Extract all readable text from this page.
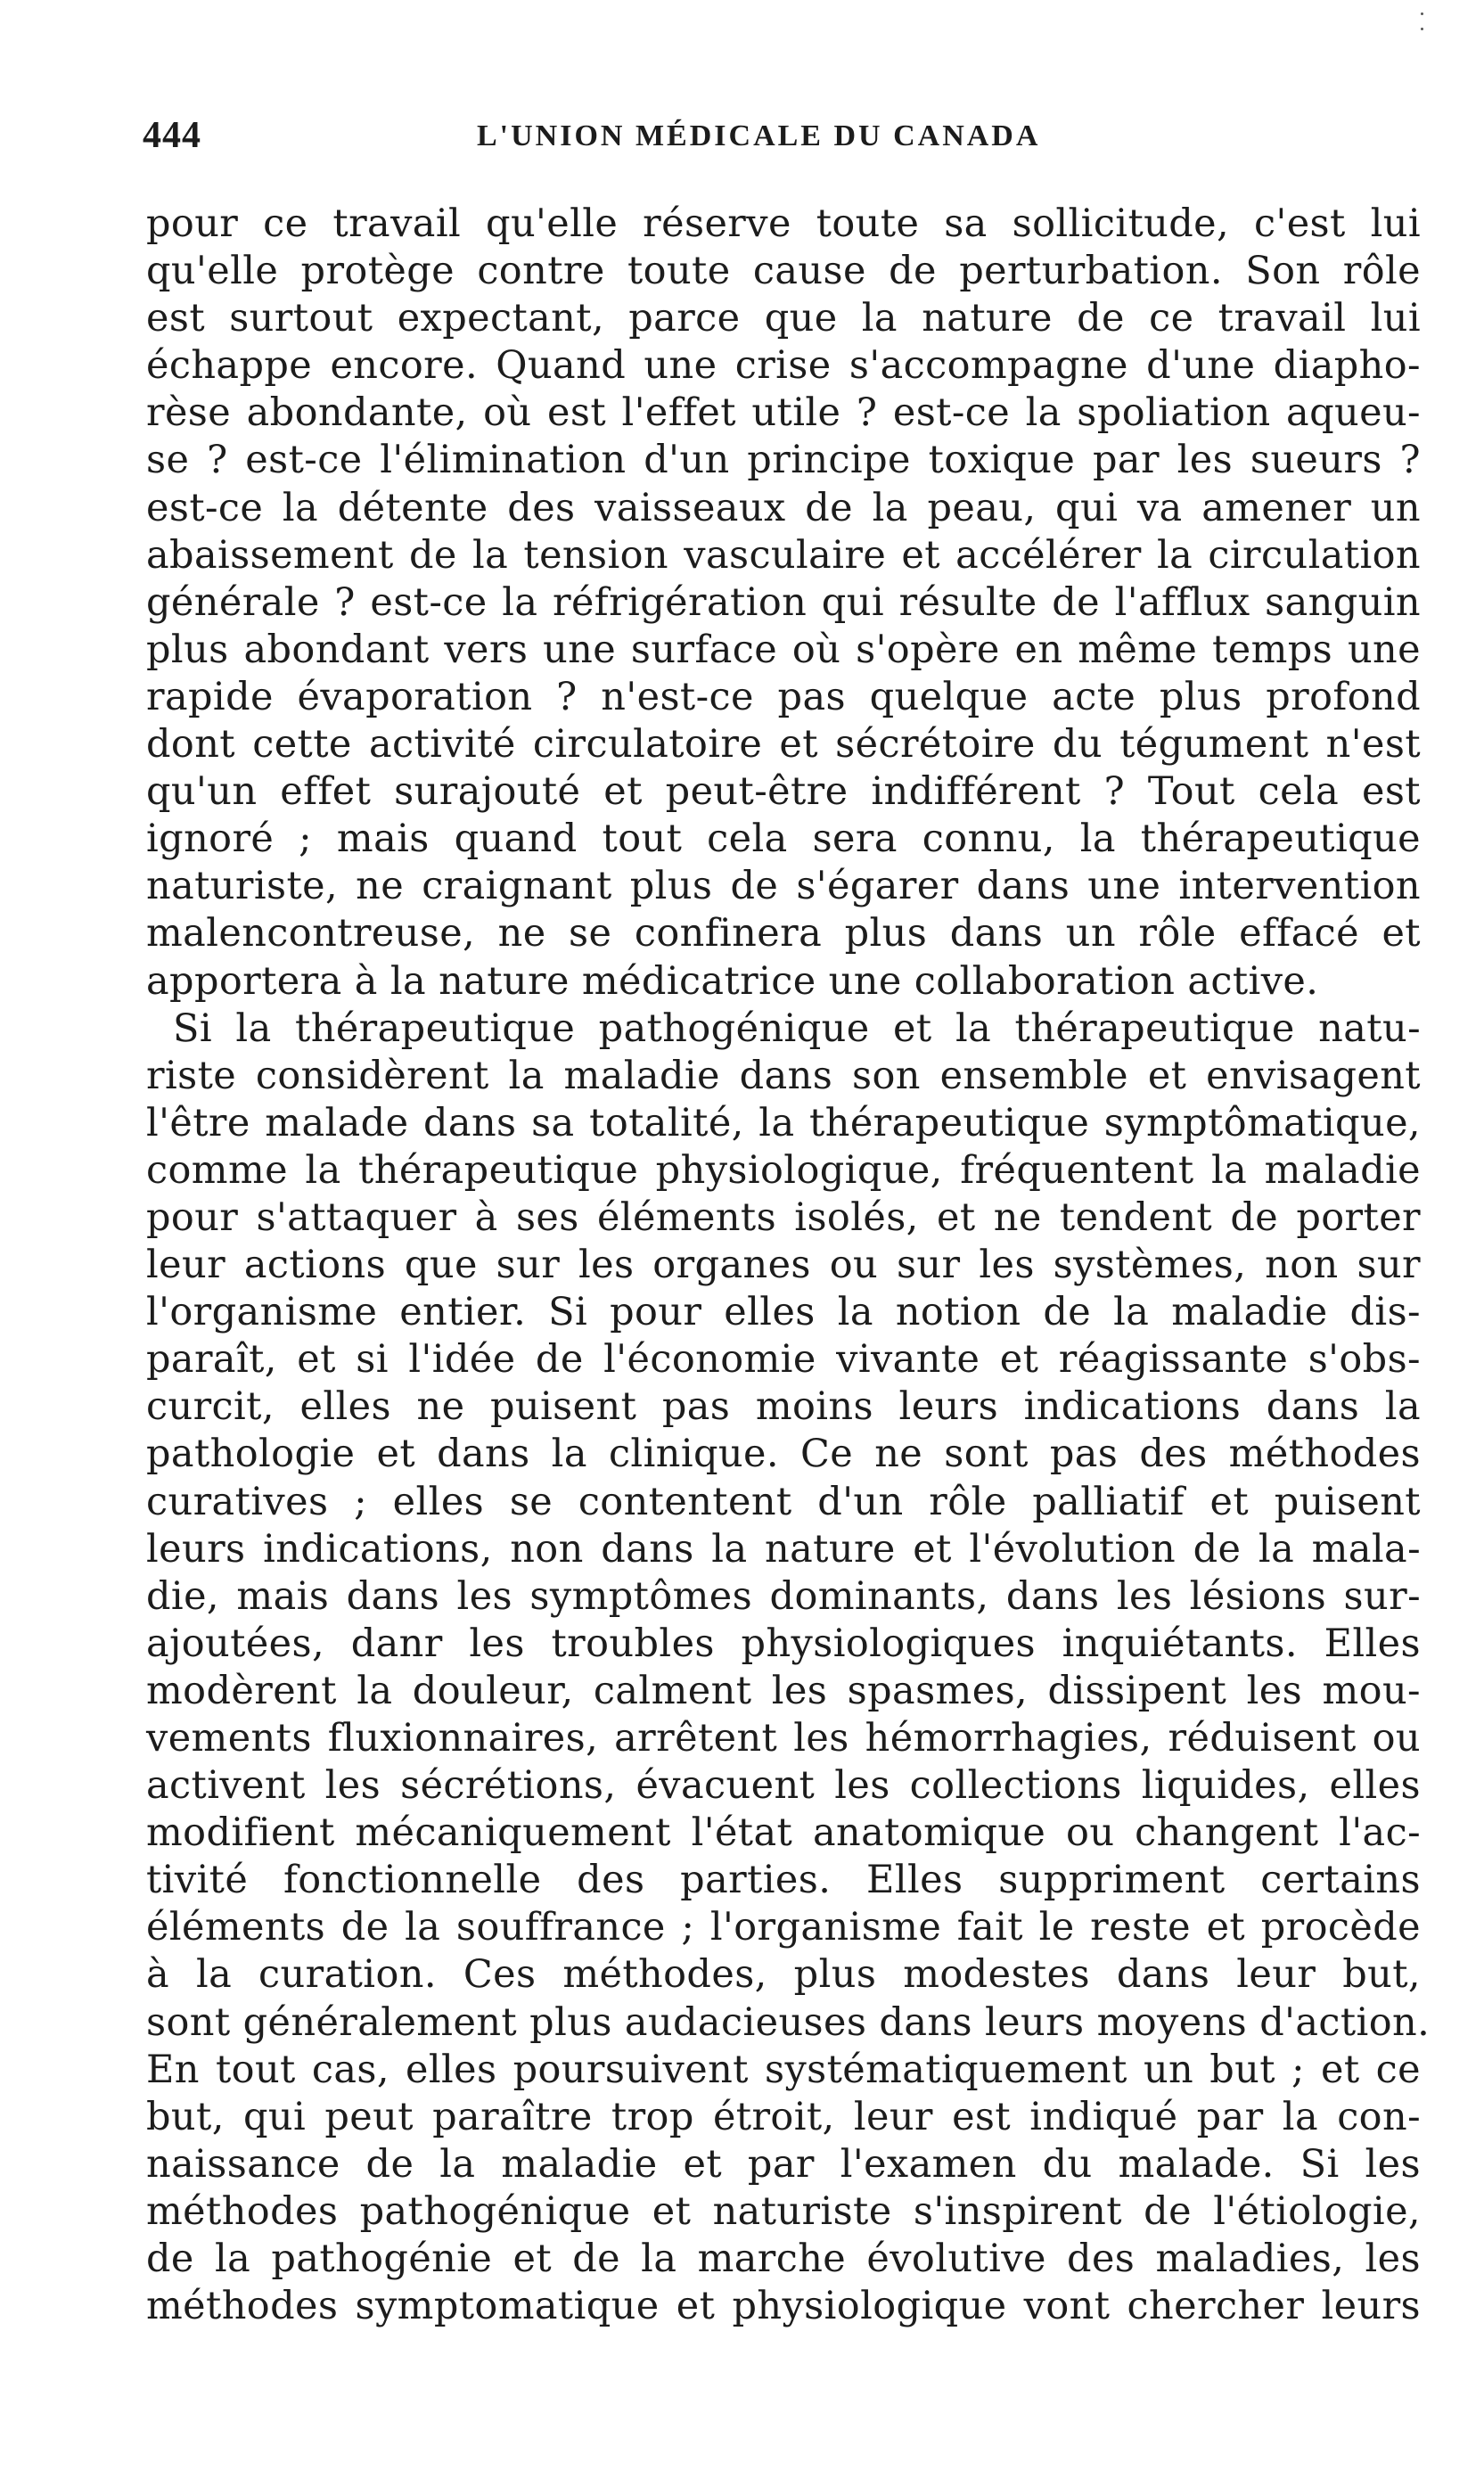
444	L'UNION MÉDICALE DU CANADA
pour ce travail qu'elle réserve toute sa sollicitude, c'est lui
qu'elle protège contre toute cause de perturbation. Son rôle
est surtout expectant, parce que la nature de ce travail lui
échappe encore. Quand une crise s'accompagne d'une diapho-
rèse abondante, où est l'effet utile ? est-ce la spoliation aqueu-
se ? est-ce l'élimination d'un principe toxique par les sueurs ?
est-ce la détente des vaisseaux de la peau, qui va amener un
abaissement de la tension vasculaire et accélérer la circulation
générale ? est-ce la réfrigération qui résulte de l'afflux sanguin
plus abondant vers une surface où s'opère en même temps une
rapide évaporation ? n'est-ce pas quelque acte plus profond
dont cette activité circulatoire et sécrétoire du tégument n'est
qu'un effet surajouté et peut-être indifférent ? Tout cela est
ignoré ; mais quand tout cela sera connu, la thérapeutique
naturiste, ne craignant plus de s'égarer dans une intervention
malencontreuse, ne se confinera plus dans un rôle effacé et
apportera à la nature médicatrice une collaboration active.
Si la thérapeutique pathogénique et la thérapeutique natu-
riste considèrent la maladie dans son ensemble et envisagent
l'être malade dans sa totalité, la thérapeutique symptômatique,
comme la thérapeutique physiologique, fréquentent la maladie
pour s'attaquer à ses éléments isolés, et ne tendent de porter
leur actions que sur les organes ou sur les systèmes, non sur
l'organisme entier. Si pour elles la notion de la maladie dis-
paraît, et si l'idée de l'économie vivante et réagissante s'obs-
curcit, elles ne puisent pas moins leurs indications dans la
pathologie et dans la clinique. Ce ne sont pas des méthodes
curatives ; elles se contentent d'un rôle palliatif et puisent
leurs indications, non dans la nature et l'évolution de la mala-
die, mais dans les symptômes dominants, dans les lésions sur-
ajoutées, danr les troubles physiologiques inquiétants. Elles
modèrent la douleur, calment les spasmes, dissipent les mou-
vements fluxionnaires, arrêtent les hémorrhagies, réduisent ou
activent les sécrétions, évacuent les collections liquides, elles
modifient mécaniquement l'état anatomique ou changent l'ac-
tivité fonctionnelle des parties. Elles suppriment certains
éléments de la souffrance ; l'organisme fait le reste et procède
à la curation. Ces méthodes, plus modestes dans leur but,
sont généralement plus audacieuses dans leurs moyens d'action.
En tout cas, elles poursuivent systématiquement un but ; et ce
but, qui peut paraître trop étroit, leur est indiqué par la con-
naissance de la maladie et par l'examen du malade. Si les
méthodes pathogénique et naturiste s'inspirent de l'étiologie,
de la pathogénie et de la marche évolutive des maladies, les
méthodes symptomatique et physiologique vont chercher leurs
